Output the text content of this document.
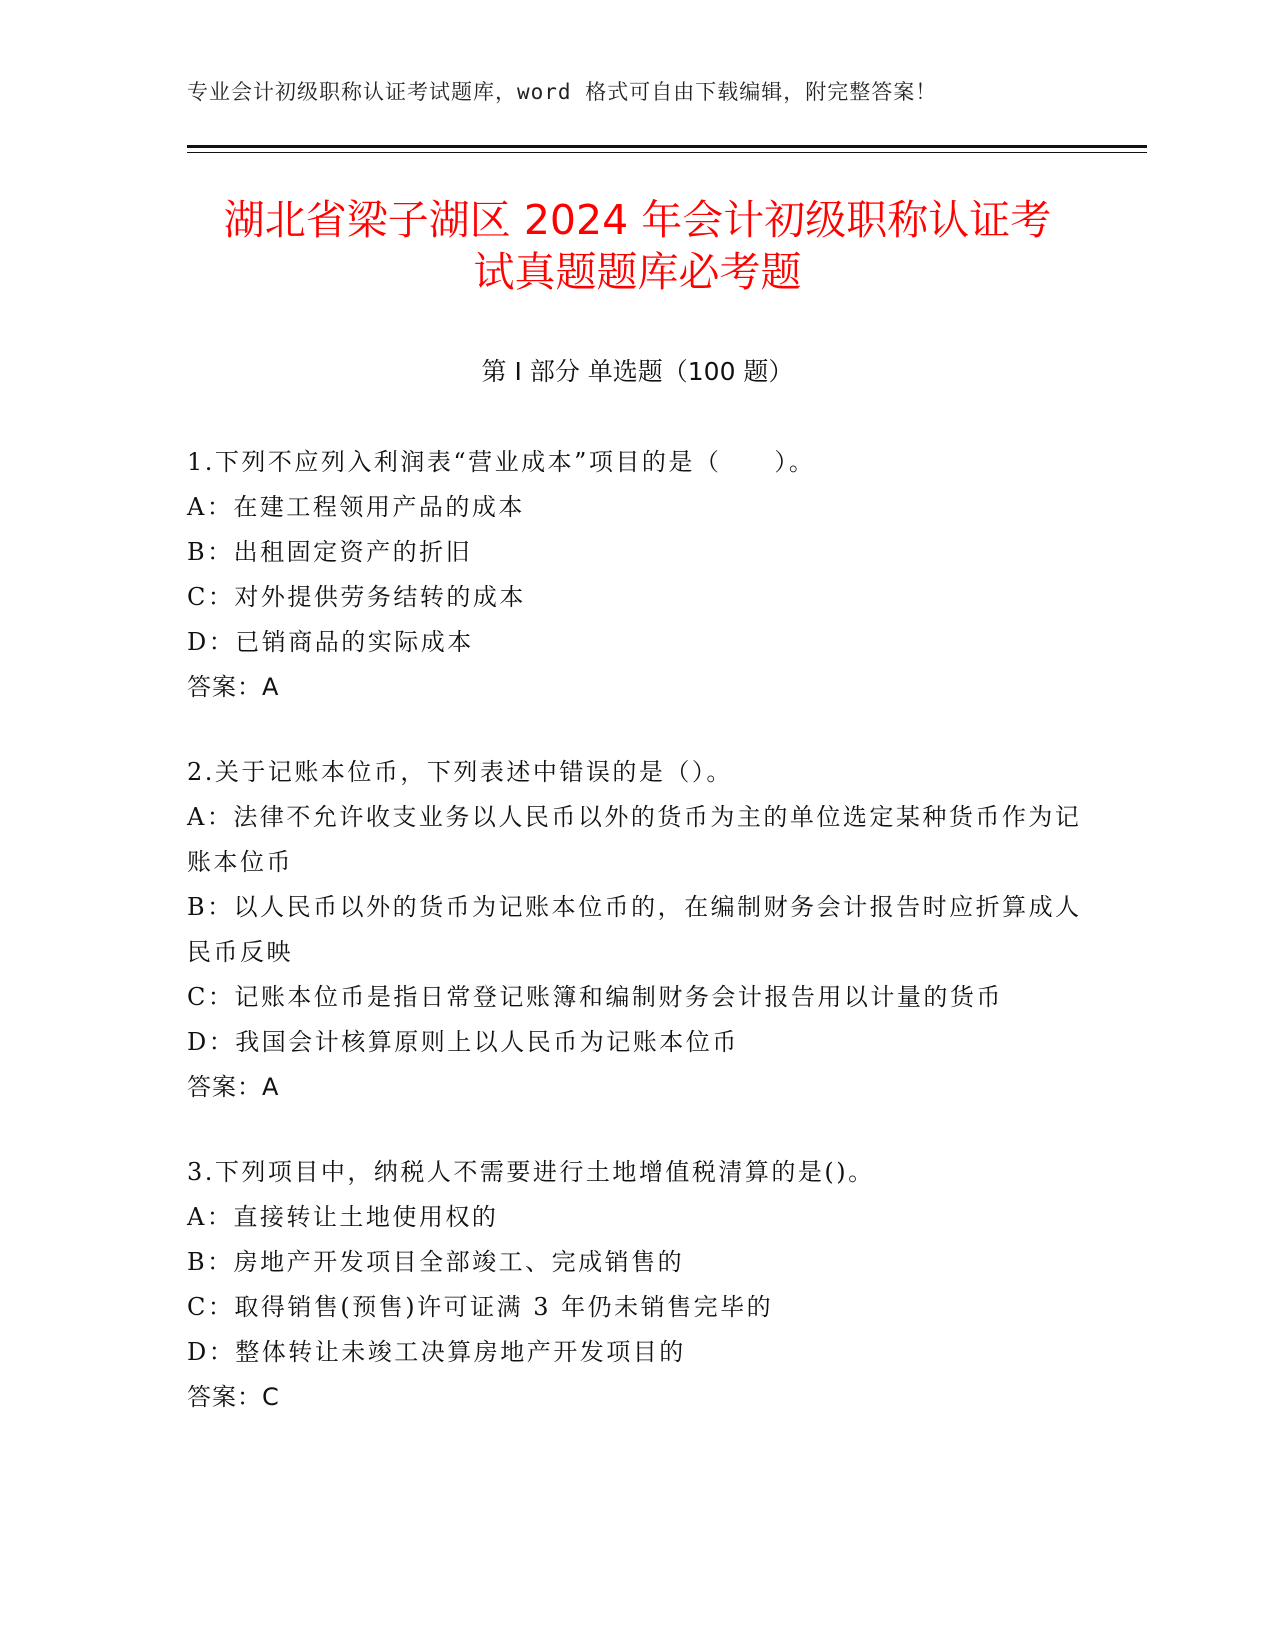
专业会计初级职称认证考试题库，word 格式可自由下载编辑，附完整答案！
湖北省梁子湖区 2024 年会计初级职称认证考
试真题题库必考题
第 I 部分 单选题（100 题）
1.下列不应列入利润表“营业成本”项目的是（　　）。
A：在建工程领用产品的成本
B：出租固定资产的折旧
C：对外提供劳务结转的成本
D：已销商品的实际成本
答案：A
2.关于记账本位币，下列表述中错误的是（）。
A：法律不允许收支业务以人民币以外的货币为主的单位选定某种货币作为记账本位币
B：以人民币以外的货币为记账本位币的，在编制财务会计报告时应折算成人民币反映
C：记账本位币是指日常登记账簿和编制财务会计报告用以计量的货币
D：我国会计核算原则上以人民币为记账本位币
答案：A
3.下列项目中，纳税人不需要进行土地增值税清算的是()。
A：直接转让土地使用权的
B：房地产开发项目全部竣工、完成销售的
C：取得销售(预售)许可证满 3 年仍未销售完毕的
D：整体转让未竣工决算房地产开发项目的
答案：C
